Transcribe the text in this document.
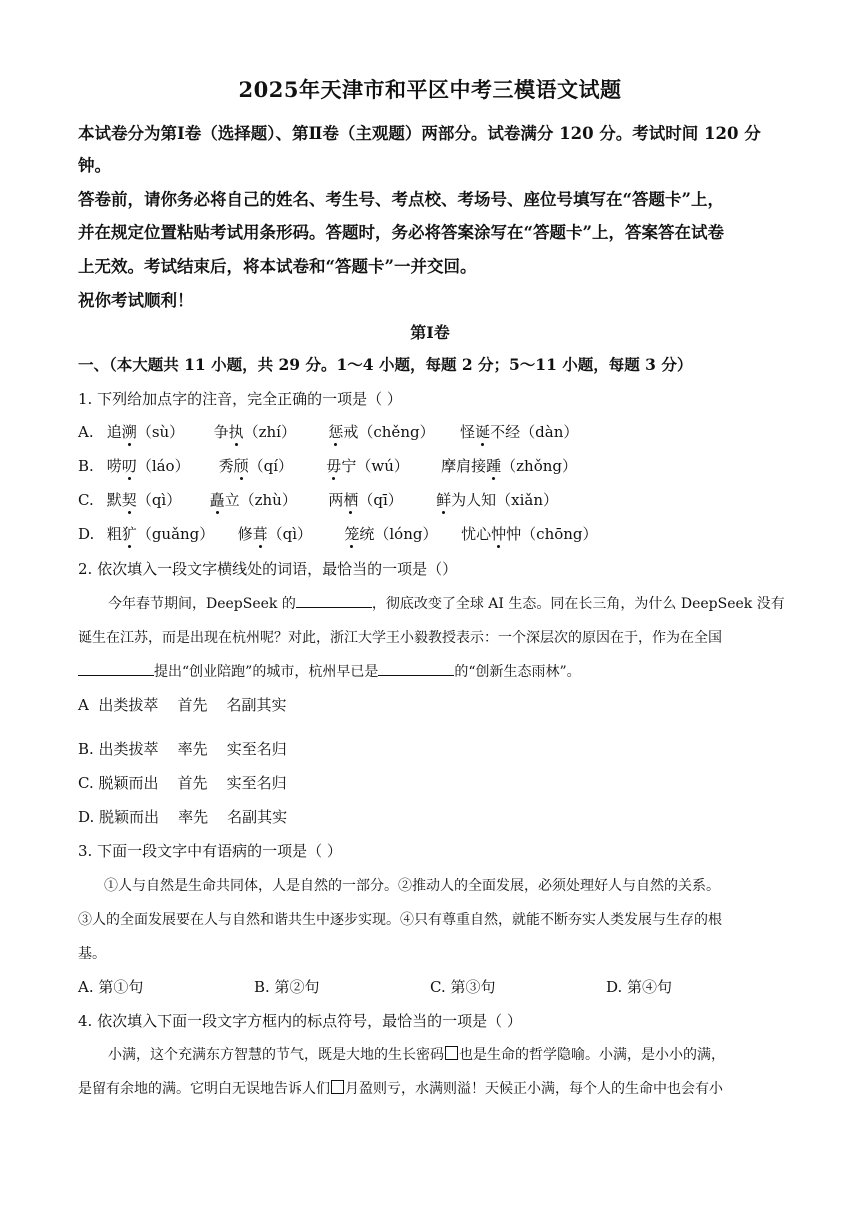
2025年天津市和平区中考三模语文试题
本试卷分为第Ⅰ卷（选择题）、第Ⅱ卷（主观题）两部分。试卷满分 120 分。考试时间 120 分
钟。
答卷前，请你务必将自己的姓名、考生号、考点校、考场号、座位号填写在“答题卡”上，
并在规定位置粘贴考试用条形码。答题时，务必将答案涂写在“答题卡”上，答案答在试卷
上无效。考试结束后，将本试卷和“答题卡”一并交回。
祝你考试顺利！
第Ⅰ卷
一、（本大题共 11 小题，共 29 分。1～4 小题，每题 2 分；5～11 小题，每题 3 分）
1. 下列给加点字的注音，完全正确的一项是（ ）
A. 追溯（sù） 争执（zhí） 惩戒（chěng） 怪诞不经（dàn）
B. 唠叨（láo） 秀颀（qí） 毋宁（wú） 摩肩接踵（zhǒng）
C. 默契（qì） 矗立（zhù） 两栖（qī） 鲜为人知（xiǎn）
D. 粗犷（guǎng） 修葺（qì） 笼统（lóng） 忧心忡忡（chōng）
2. 依次填入一段文字横线处的词语，最恰当的一项是（）
今年春节期间，DeepSeek 的	，彻底改变了全球 AI 生态。同在长三角，为什么 DeepSeek 没有
诞生在江苏，而是出现在杭州呢？对此，浙江大学王小毅教授表示：一个深层次的原因在于，作为在全国
提出“创业陪跑”的城市，杭州早已是	的“创新生态雨林”。
A  出类拔萃    首先    名副其实
B. 出类拔萃    率先    实至名归
C. 脱颖而出    首先    实至名归
D. 脱颖而出    率先    名副其实
3. 下面一段文字中有语病的一项是（ ）
①人与自然是生命共同体，人是自然的一部分。②推动人的全面发展，必须处理好人与自然的关系。
③人的全面发展要在人与自然和谐共生中逐步实现。④只有尊重自然，就能不断夯实人类发展与生存的根
基。
A. 第①句	B. 第②句	C. 第③句	D. 第④句
4. 依次填入下面一段文字方框内的标点符号，最恰当的一项是（ ）
小满，这个充满东方智慧的节气，既是大地的生长密码 也是生命的哲学隐喻。小满，是小小的满，
是留有余地的满。它明白无误地告诉人们 月盈则亏，水满则溢！天候正小满，每个人的生命中也会有小
